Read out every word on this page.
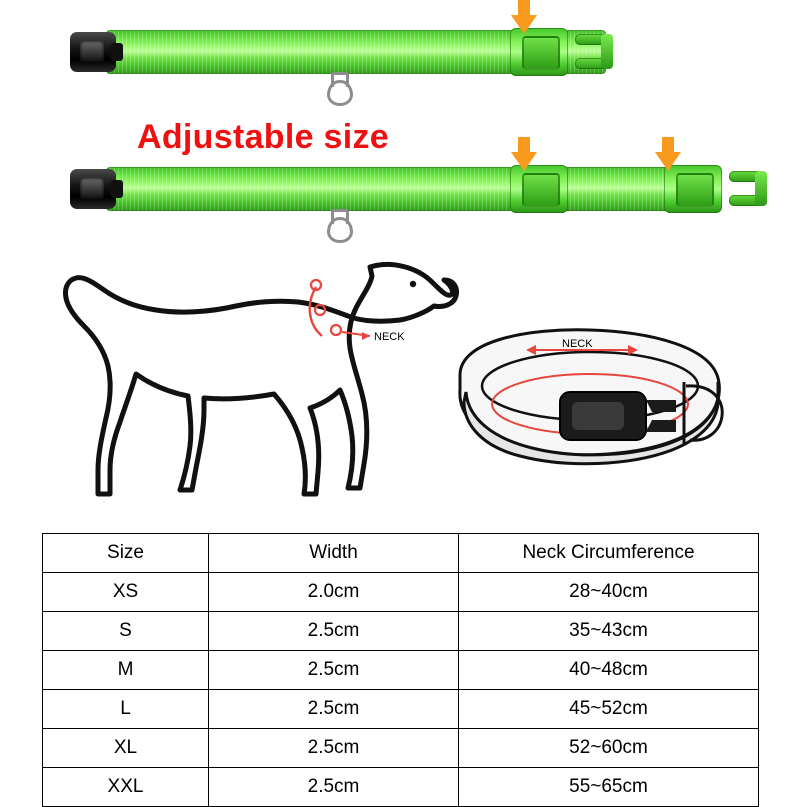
Adjustable size
NECK
NECK
Size	Width	Neck Circumference
XS	2.0cm	28~40cm
S	2.5cm	35~43cm
M	2.5cm	40~48cm
L	2.5cm	45~52cm
XL	2.5cm	52~60cm
XXL	2.5cm	55~65cm
